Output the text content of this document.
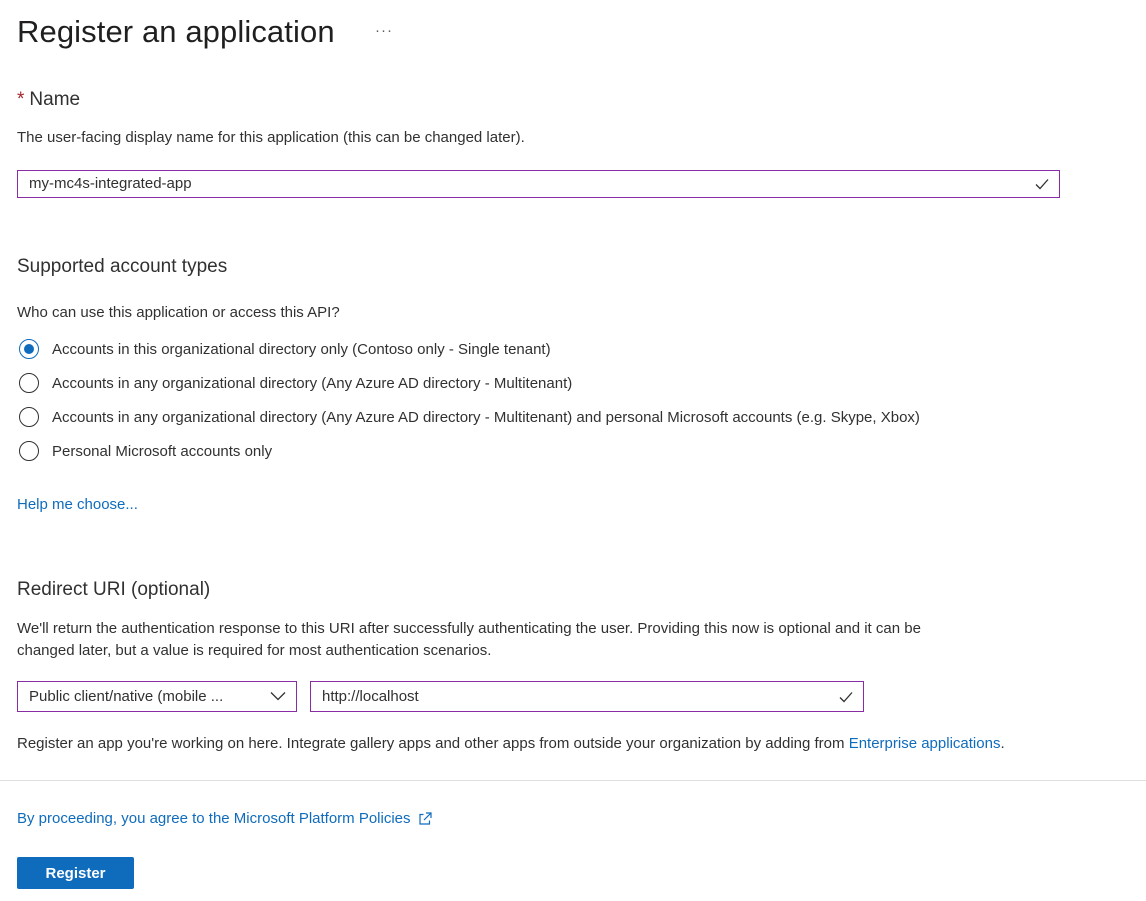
Register an application	···
* Name
The user-facing display name for this application (this can be changed later).
my-mc4s-integrated-app
Supported account types
Who can use this application or access this API?
Accounts in this organizational directory only (Contoso only - Single tenant)
Accounts in any organizational directory (Any Azure AD directory - Multitenant)
Accounts in any organizational directory (Any Azure AD directory - Multitenant) and personal Microsoft accounts (e.g. Skype, Xbox)
Personal Microsoft accounts only
Help me choose...
Redirect URI (optional)
We'll return the authentication response to this URI after successfully authenticating the user. Providing this now is optional and it can be
changed later, but a value is required for most authentication scenarios.
Public client/native (mobile ...	http://localhost
Register an app you're working on here. Integrate gallery apps and other apps from outside your organization by adding from Enterprise applications.
By proceeding, you agree to the Microsoft Platform Policies
Register
